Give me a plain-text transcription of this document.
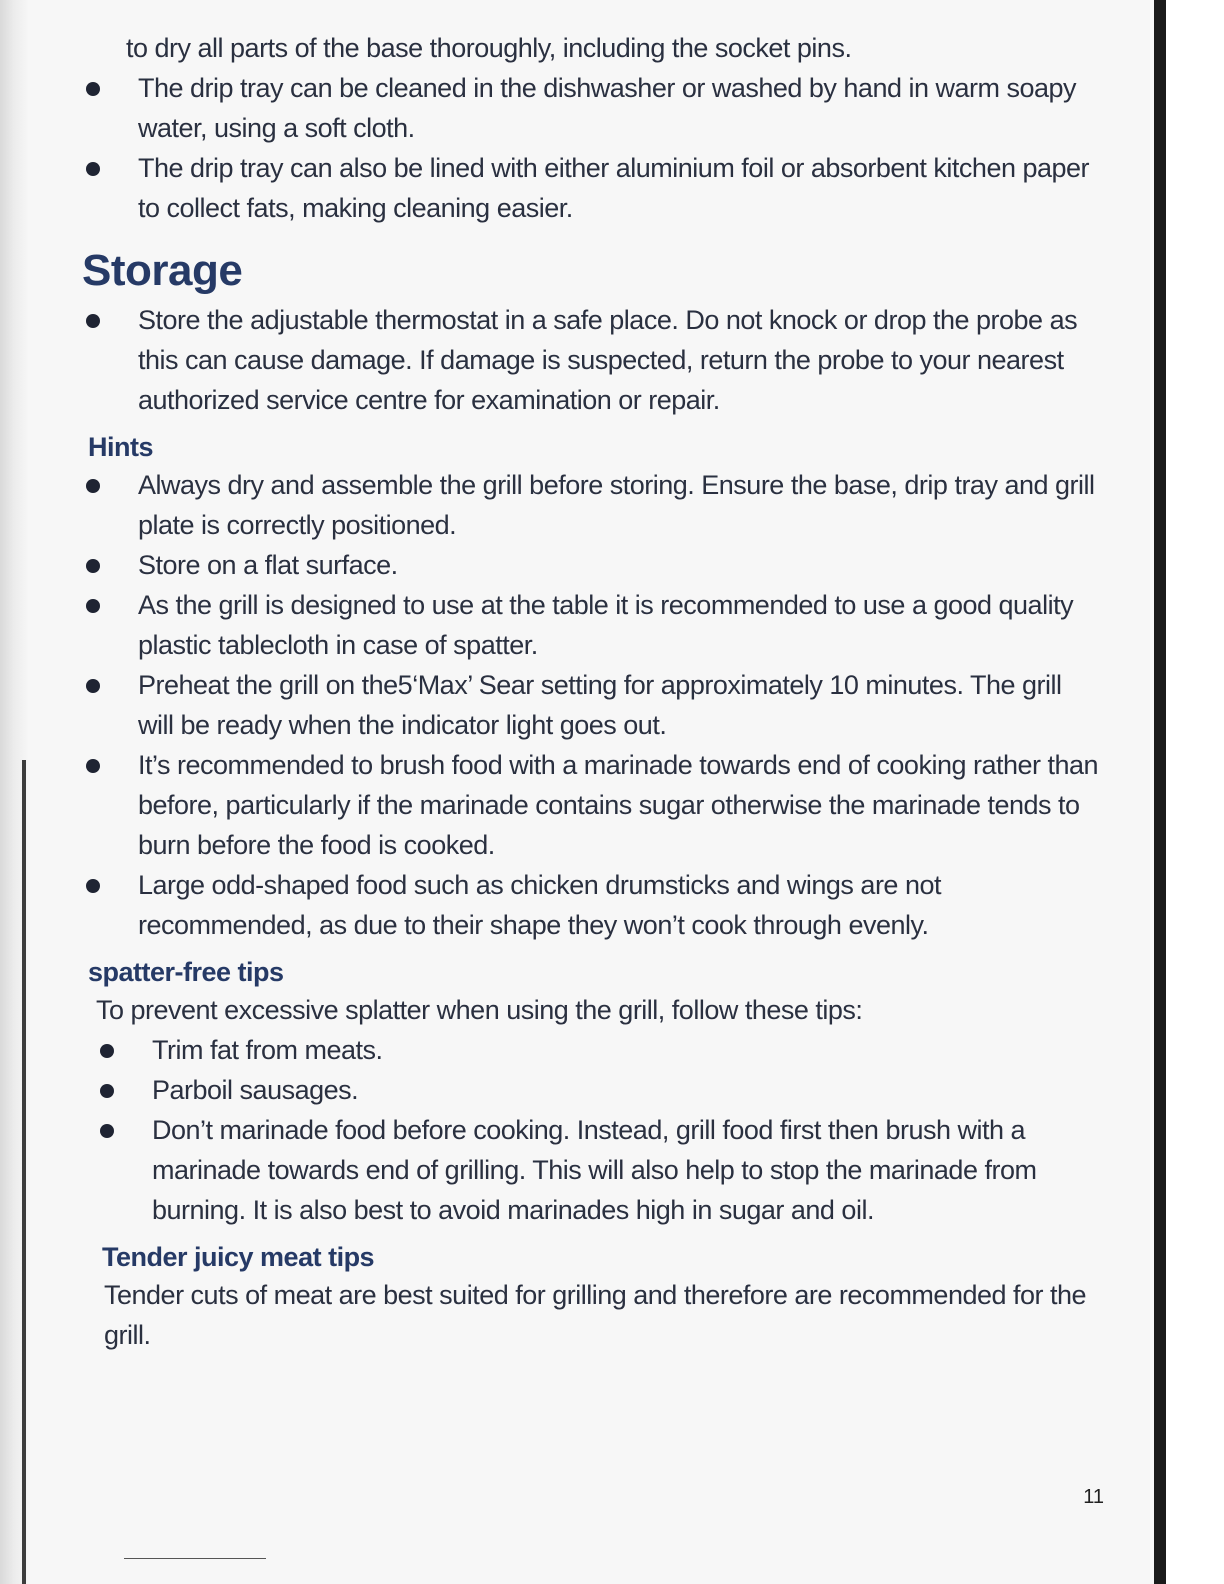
to dry all parts of the base thoroughly, including the socket pins.

The drip tray can be cleaned in the dishwasher or washed by hand in warm soapy water, using a soft cloth.
The drip tray can also be lined with either aluminium foil or absorbent kitchen paper to collect fats, making cleaning easier.
Storage
Store the adjustable thermostat in a safe place. Do not knock or drop the probe as this can cause damage. If damage is suspected, return the probe to your nearest authorized service centre for examination or repair.
Hints
Always dry and assemble the grill before storing. Ensure the base, drip tray and grill plate is correctly positioned.
Store on a flat surface.
As the grill is designed to use at the table it is recommended to use a good quality plastic tablecloth in case of spatter.
Preheat the grill on the5‘Max’ Sear setting for approximately 10 minutes. The grill will be ready when the indicator light goes out.
It’s recommended to brush food with a marinade towards end of cooking rather than before, particularly if the marinade contains sugar otherwise the marinade tends to burn before the food is cooked.
Large odd-shaped food such as chicken drumsticks and wings are not recommended, as due to their shape they won’t cook through evenly.
spatter-free tips

To prevent excessive splatter when using the grill, follow these tips:

Trim fat from meats.
Parboil sausages.
Don’t marinade food before cooking. Instead, grill food first then brush with a marinade towards end of grilling. This will also help to stop the marinade from burning. It is also best to avoid marinades high in sugar and oil.
Tender juicy meat tips

Tender cuts of meat are best suited for grilling and therefore are recommended for the grill.

11
